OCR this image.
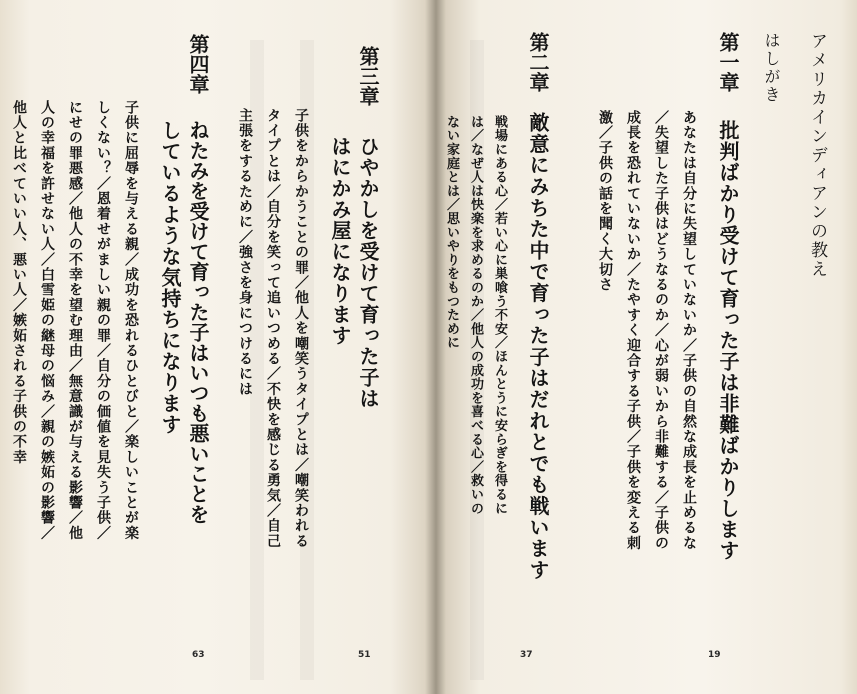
アメリカインディアンの教え
はしがき
第一章
批判ばかり受けて育った子は非難ばかりします
あなたは自分に失望していないか／子供の自然な成長を止めるな
／失望した子供はどうなるのか／心が弱いから非難する／子供の
成長を恐れていないか／たやすく迎合する子供／子供を変える刺
激／子供の話を聞く大切さ
19
第二章
敵意にみちた中で育った子はだれとでも戦います
戦場にある心／若い心に巣喰う不安／ほんとうに安らぎを得るに
は／なぜ人は快楽を求めるのか／他人の成功を喜べる心／救いの
ない家庭とは／思いやりをもつために
37
第三章
ひやかしを受けて育った子は
はにかみ屋になります
子供をからかうことの罪／他人を嘲笑うタイプとは／嘲笑われる
タイプとは／自分を笑って追いつめる／不快を感じる勇気／自己
主張をするために／強さを身につけるには
51
第四章
ねたみを受けて育った子はいつも悪いことを
しているような気持ちになります
子供に屈辱を与える親／成功を恐れるひとびと／楽しいことが楽
しくない？／恩着せがましい親の罪／自分の価値を見失う子供／
にせの罪悪感／他人の不幸を望む理由／無意識が与える影響／他
人の幸福を許せない人／白雪姫の継母の悩み／親の嫉妬の影響／
他人と比べていい人、悪い人／嫉妬される子供の不幸
63
